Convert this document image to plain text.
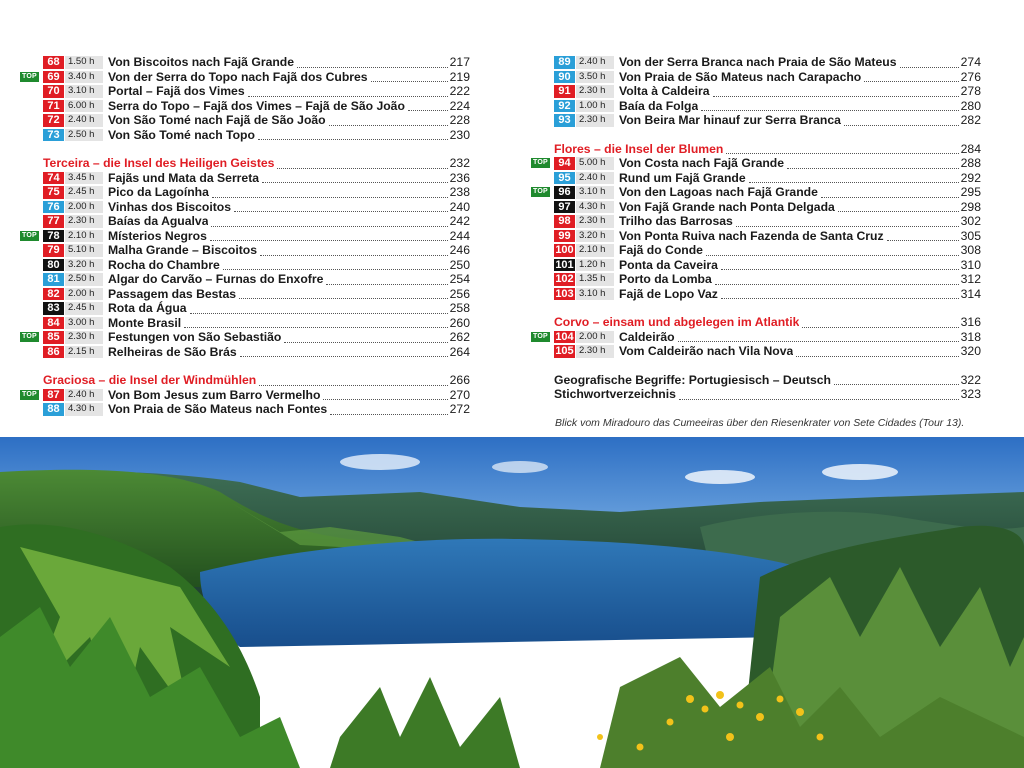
68 1.50 h	Von Biscoitos nach Fajã Grande	217
TOP 69 3.40 h	Von der Serra do Topo nach Fajã dos Cubres	219
70 3.10 h	Portal – Fajã dos Vimes	222
71 6.00 h	Serra do Topo – Fajã dos Vimes – Fajã de São João	224
72 2.40 h	Von São Tomé nach Fajã de São João	228
73 2.50 h	Von São Tomé nach Topo	230
Terceira – die Insel des Heiligen Geistes	232
74 3.45 h	Fajãs und Mata da Serreta	236
75 2.45 h	Pico da Lagoínha	238
76 2.00 h	Vinhas dos Biscoitos	240
77 2.30 h	Baías da Agualva	242
TOP 78 2.10 h	Místerios Negros	244
79 5.10 h	Malha Grande – Biscoitos	246
80 3.20 h	Rocha do Chambre	250
81 2.50 h	Algar do Carvão – Furnas do Enxofre	254
82 2.00 h	Passagem das Bestas	256
83 2.45 h	Rota da Água	258
84 3.00 h	Monte Brasil	260
TOP 85 2.30 h	Festungen von São Sebastião	262
86 2.15 h	Relheiras de São Brás	264
Graciosa – die Insel der Windmühlen	266
TOP 87 2.40 h	Von Bom Jesus zum Barro Vermelho	270
88 4.30 h	Von Praia de São Mateus nach Fontes	272
89 2.40 h	Von der Serra Branca nach Praia de São Mateus	274
90 3.50 h	Von Praia de São Mateus nach Carapacho	276
91 2.30 h	Volta à Caldeira	278
92 1.00 h	Baía da Folga	280
93 2.30 h	Von Beira Mar hinauf zur Serra Branca	282
Flores – die Insel der Blumen	284
TOP 94 5.00 h	Von Costa nach Fajã Grande	288
95 2.40 h	Rund um Fajã Grande	292
TOP 96 3.10 h	Von den Lagoas nach Fajã Grande	295
97 4.30 h	Von Fajã Grande nach Ponta Delgada	298
98 2.30 h	Trilho das Barrosas	302
99 3.20 h	Von Ponta Ruiva nach Fazenda de Santa Cruz	305
100 2.10 h	Fajã do Conde	308
101 1.20 h	Ponta da Caveira	310
102 1.35 h	Porto da Lomba	312
103 3.10 h	Fajã de Lopo Vaz	314
Corvo – einsam und abgelegen im Atlantik	316
TOP 104 2.00 h	Caldeirão	318
105 2.30 h	Vom Caldeirão nach Vila Nova	320
Geografische Begriffe: Portugiesisch – Deutsch	322
Stichwortverzeichnis	323
Blick vom Miradouro das Cumeeiras über den Riesenkrater von Sete Cidades (Tour 13).
